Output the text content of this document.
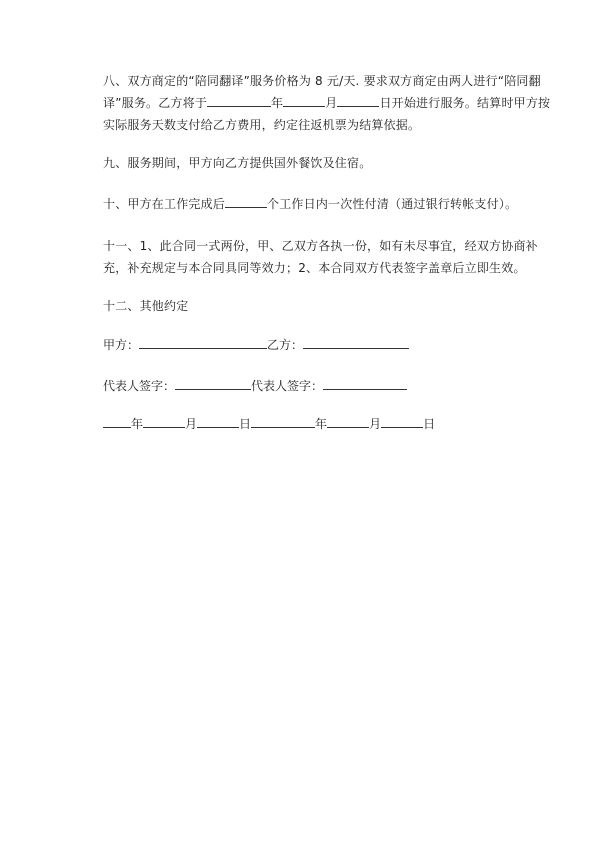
八、双方商定的“陪同翻译”服务价格为 8 元/天. 要求双方商定由两人进行“陪同翻译”服务。乙方将于	年	月	日开始进行服务。结算时甲方按实际服务天数支付给乙方费用，约定往返机票为结算依据。
九、服务期间，甲方向乙方提供国外餐饮及住宿。
十、甲方在工作完成后	个工作日内一次性付清（通过银行转帐支付）。
十一、1、此合同一式两份，甲、乙双方各执一份，如有未尽事宜，经双方协商补充，补充规定与本合同具同等效力；2、本合同双方代表签字盖章后立即生效。
十二、其他约定
甲方：	乙方：
代表人签字：	代表人签字：
年	月	日	年	月	日
